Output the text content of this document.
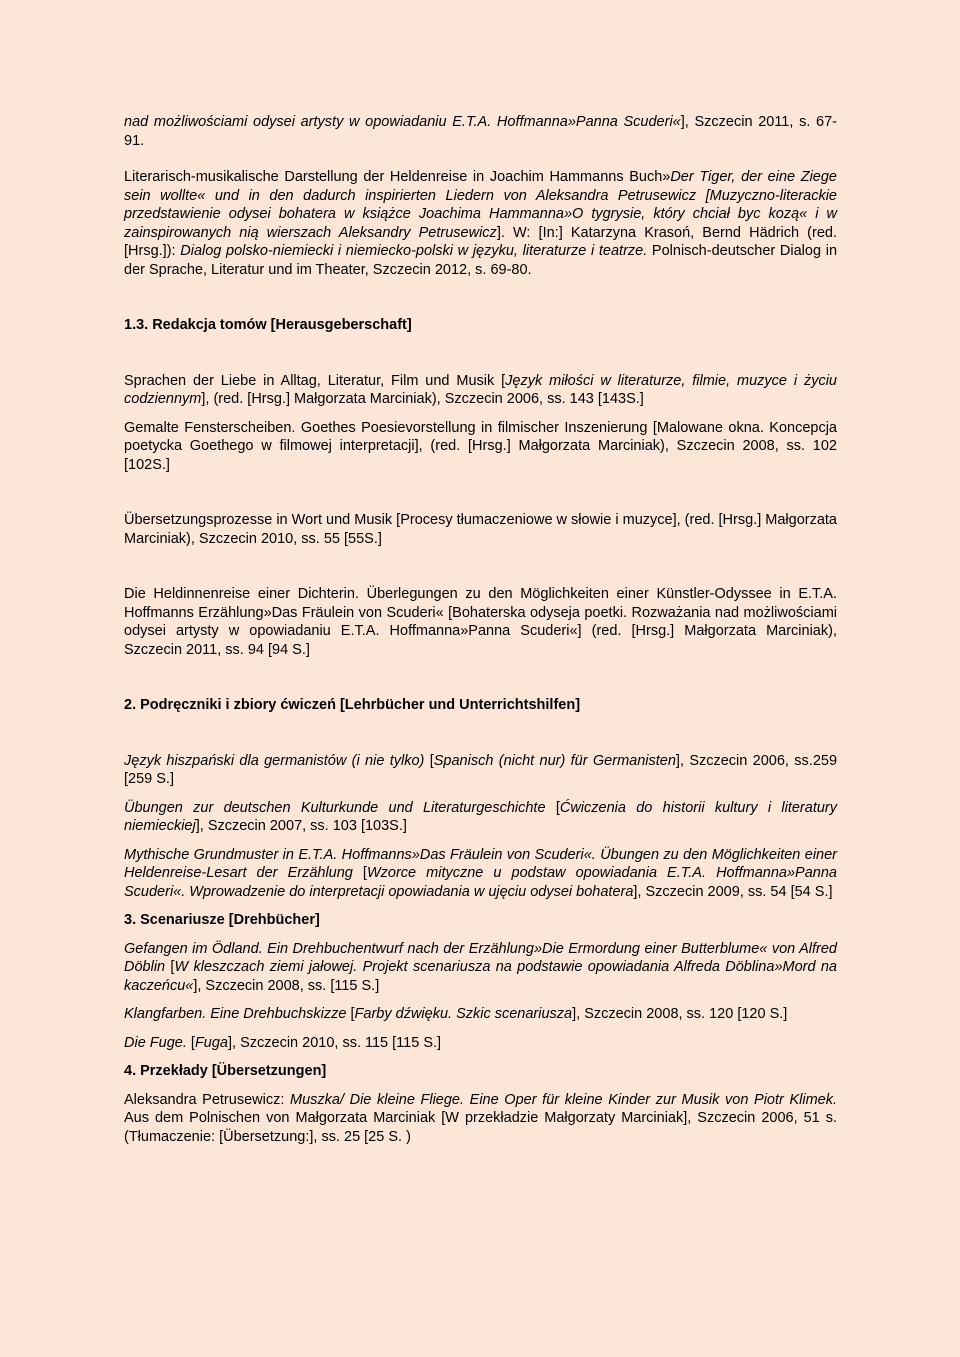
nad możliwościami odysei artysty w opowiadaniu E.T.A. Hoffmanna»Panna Scuderi«], Szczecin 2011, s. 67-91.

Literarisch-musikalische Darstellung der Heldenreise in Joachim Hammanns Buch»Der Tiger, der eine Ziege sein wollte« und in den dadurch inspirierten Liedern von Aleksandra Petrusewicz [Muzyczno-literackie przedstawienie odysei bohatera w książce Joachima Hammanna»O tygrysie, który chciał byc kozą« i w zainspirowanych nią wierszach Aleksandry Petrusewicz]. W: [In:] Katarzyna Krasoń, Bernd Hädrich (red. [Hrsg.]): Dialog polsko-niemiecki i niemiecko-polski w języku, literaturze i teatrze. Polnisch-deutscher Dialog in der Sprache, Literatur und im Theater, Szczecin 2012, s. 69-80.

1.3. Redakcja tomów [Herausgeberschaft]

Sprachen der Liebe in Alltag, Literatur, Film und Musik [Język miłości w literaturze, filmie, muzyce i życiu codziennym], (red. [Hrsg.] Małgorzata Marciniak), Szczecin 2006, ss. 143 [143S.]

Gemalte Fensterscheiben. Goethes Poesievorstellung in filmischer Inszenierung [Malowane okna. Koncepcja poetycka Goethego w filmowej interpretacji], (red. [Hrsg.] Małgorzata Marciniak), Szczecin 2008, ss. 102 [102S.]

Übersetzungsprozesse in Wort und Musik [Procesy tłumaczeniowe w słowie i muzyce], (red. [Hrsg.] Małgorzata Marciniak), Szczecin 2010, ss. 55 [55S.]

Die Heldinnenreise einer Dichterin. Überlegungen zu den Möglichkeiten einer Künstler-Odyssee in E.T.A. Hoffmanns Erzählung»Das Fräulein von Scuderi« [Bohaterska odyseja poetki. Rozważania nad możliwościami odysei artysty w opowiadaniu E.T.A. Hoffmanna»Panna Scuderi«] (red. [Hrsg.] Małgorzata Marciniak), Szczecin 2011, ss. 94 [94 S.]

2. Podręczniki i zbiory ćwiczeń [Lehrbücher und Unterrichtshilfen]

Język hiszpański dla germanistów (i nie tylko) [Spanisch (nicht nur) für Germanisten], Szczecin 2006, ss.259 [259 S.]

Übungen zur deutschen Kulturkunde und Literaturgeschichte [Ćwiczenia do historii kultury i literatury niemieckiej], Szczecin 2007, ss. 103 [103S.]

Mythische Grundmuster in E.T.A. Hoffmanns»Das Fräulein von Scuderi«. Übungen zu den Möglichkeiten einer Heldenreise-Lesart der Erzählung [Wzorce mityczne u podstaw opowiadania E.T.A. Hoffmanna»Panna Scuderi«. Wprowadzenie do interpretacji opowiadania w ujęciu odysei bohatera], Szczecin 2009, ss. 54 [54 S.]

3. Scenariusze [Drehbücher]

Gefangen im Ödland. Ein Drehbuchentwurf nach der Erzählung»Die Ermordung einer Butterblume« von Alfred Döblin [W kleszczach ziemi jałowej. Projekt scenariusza na podstawie opowiadania Alfreda Döblina»Mord na kaczeńcu«], Szczecin 2008, ss. [115 S.]

Klangfarben. Eine Drehbuchskizze [Farby dźwięku. Szkic scenariusza], Szczecin 2008, ss. 120 [120 S.]

Die Fuge. [Fuga], Szczecin 2010, ss. 115 [115 S.]

4. Przekłady [Übersetzungen]

Aleksandra Petrusewicz: Muszka/ Die kleine Fliege. Eine Oper für kleine Kinder zur Musik von Piotr Klimek. Aus dem Polnischen von Małgorzata Marciniak [W przekładzie Małgorzaty Marciniak], Szczecin 2006, 51 s. (Tłumaczenie: [Übersetzung:], ss. 25 [25 S. )
